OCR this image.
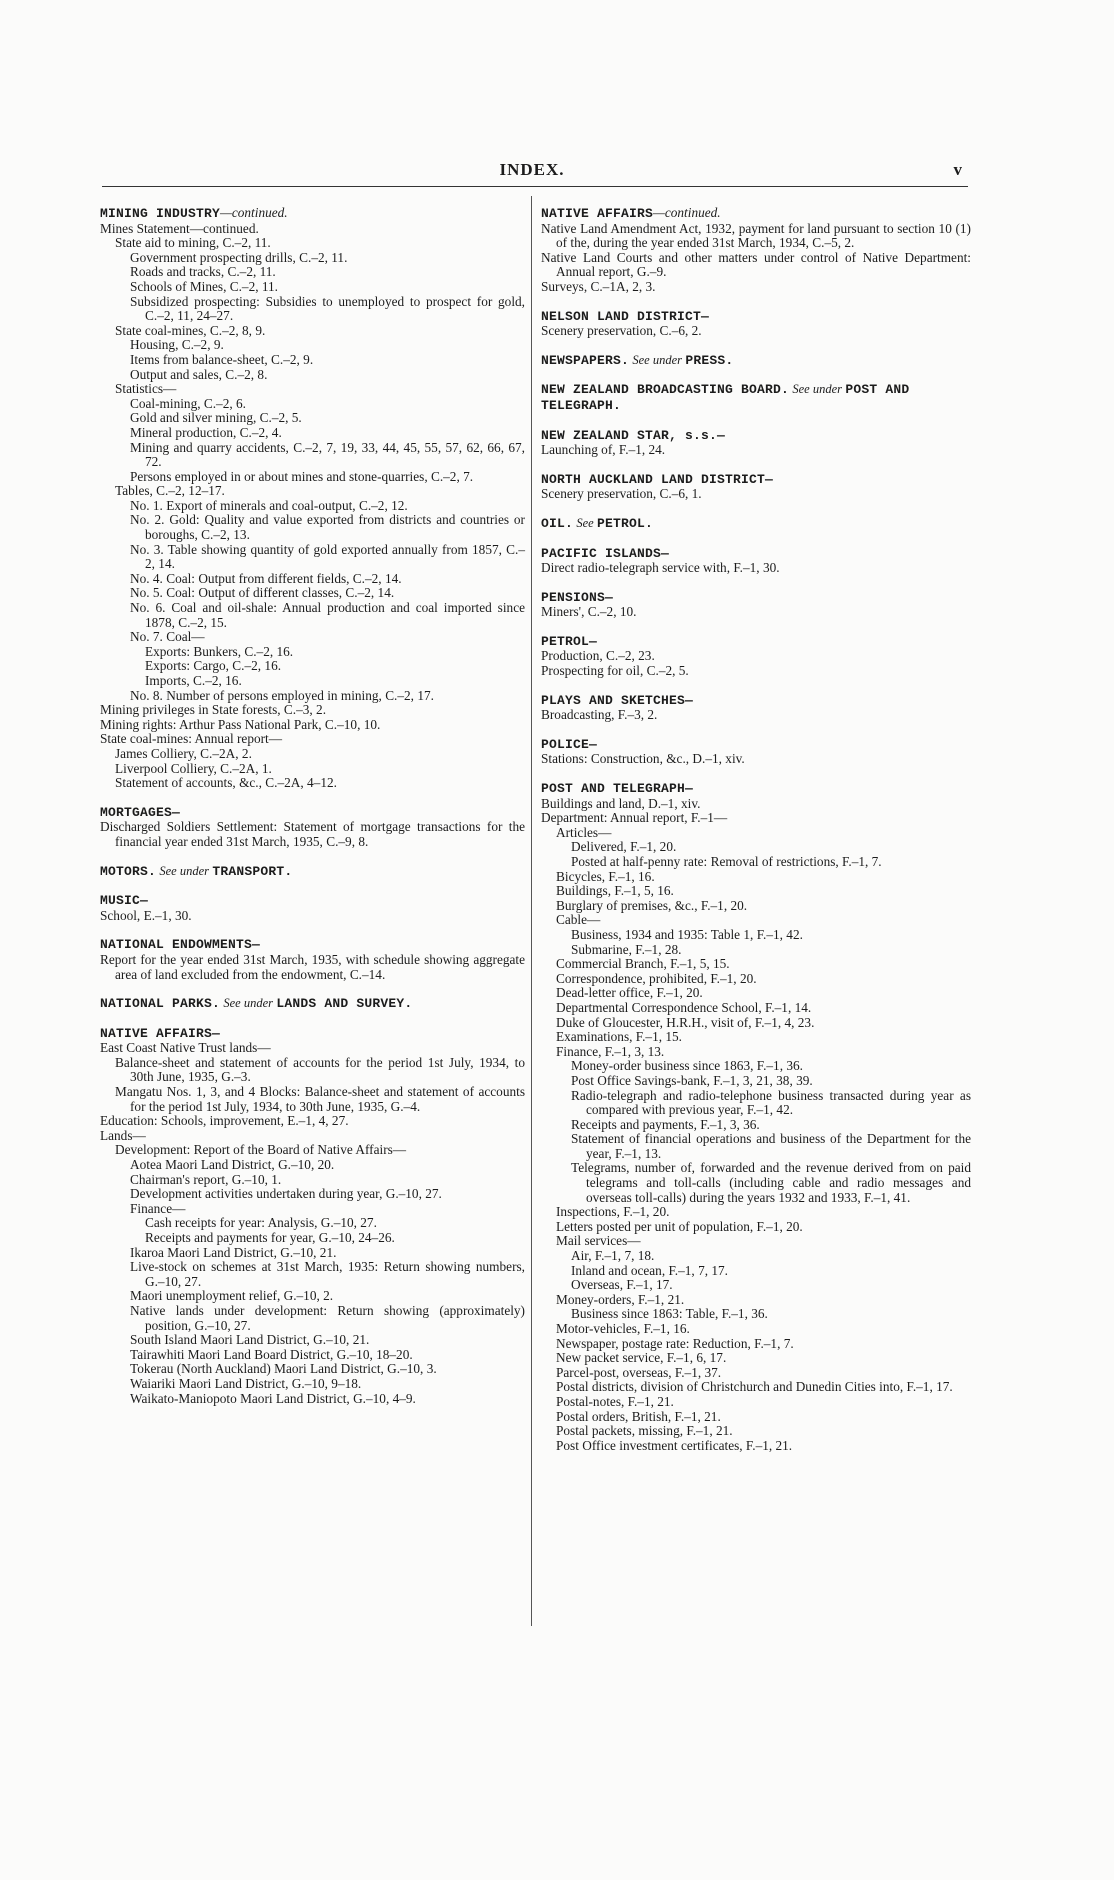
INDEX.	v
MINING INDUSTRY—continued.
Mines Statement—continued.
State aid to mining, C.–2, 11.
Government prospecting drills, C.–2, 11.
Roads and tracks, C.–2, 11.
Schools of Mines, C.–2, 11.
Subsidized prospecting: Subsidies to unemployed to prospect for gold, C.–2, 11, 24–27.
State coal-mines, C.–2, 8, 9.
Housing, C.–2, 9.
Items from balance-sheet, C.–2, 9.
Output and sales, C.–2, 8.
Statistics—
Coal-mining, C.–2, 6.
Gold and silver mining, C.–2, 5.
Mineral production, C.–2, 4.
Mining and quarry accidents, C.–2, 7, 19, 33, 44, 45, 55, 57, 62, 66, 67, 72.
Persons employed in or about mines and stone-quarries, C.–2, 7.
Tables, C.–2, 12–17.
No. 1. Export of minerals and coal-output, C.–2, 12.
No. 2. Gold: Quality and value exported from districts and countries or boroughs, C.–2, 13.
No. 3. Table showing quantity of gold exported annually from 1857, C.–2, 14.
No. 4. Coal: Output from different fields, C.–2, 14.
No. 5. Coal: Output of different classes, C.–2, 14.
No. 6. Coal and oil-shale: Annual production and coal imported since 1878, C.–2, 15.
No. 7. Coal—
Exports: Bunkers, C.–2, 16.
Exports: Cargo, C.–2, 16.
Imports, C.–2, 16.
No. 8. Number of persons employed in mining, C.–2, 17.
Mining privileges in State forests, C.–3, 2.
Mining rights: Arthur Pass National Park, C.–10, 10.
State coal-mines: Annual report—
James Colliery, C.–2A, 2.
Liverpool Colliery, C.–2A, 1.
Statement of accounts, &c., C.–2A, 4–12.
MORTGAGES—
Discharged Soldiers Settlement: Statement of mortgage transactions for the financial year ended 31st March, 1935, C.–9, 8.
MOTORS. See under TRANSPORT.
MUSIC—
School, E.–1, 30.
NATIONAL ENDOWMENTS—
Report for the year ended 31st March, 1935, with schedule showing aggregate area of land excluded from the endowment, C.–14.
NATIONAL PARKS. See under LANDS AND SURVEY.
NATIVE AFFAIRS—
East Coast Native Trust lands—
Balance-sheet and statement of accounts for the period 1st July, 1934, to 30th June, 1935, G.–3.
Mangatu Nos. 1, 3, and 4 Blocks: Balance-sheet and statement of accounts for the period 1st July, 1934, to 30th June, 1935, G.–4.
Education: Schools, improvement, E.–1, 4, 27.
Lands—
Development: Report of the Board of Native Affairs—
Aotea Maori Land District, G.–10, 20.
Chairman's report, G.–10, 1.
Development activities undertaken during year, G.–10, 27.
Finance—
Cash receipts for year: Analysis, G.–10, 27.
Receipts and payments for year, G.–10, 24–26.
Ikaroa Maori Land District, G.–10, 21.
Live-stock on schemes at 31st March, 1935: Return showing numbers, G.–10, 27.
Maori unemployment relief, G.–10, 2.
Native lands under development: Return showing (approximately) position, G.–10, 27.
South Island Maori Land District, G.–10, 21.
Tairawhiti Maori Land Board District, G.–10, 18–20.
Tokerau (North Auckland) Maori Land District, G.–10, 3.
Waiariki Maori Land District, G.–10, 9–18.
Waikato-Maniopoto Maori Land District, G.–10, 4–9.
NATIVE AFFAIRS—continued.
Native Land Amendment Act, 1932, payment for land pursuant to section 10 (1) of the, during the year ended 31st March, 1934, C.–5, 2.
Native Land Courts and other matters under control of Native Department: Annual report, G.–9.
Surveys, C.–1A, 2, 3.
NELSON LAND DISTRICT—
Scenery preservation, C.–6, 2.
NEWSPAPERS. See under PRESS.
NEW ZEALAND BROADCASTING BOARD. See under POST AND TELEGRAPH.
NEW ZEALAND STAR, s.s.—
Launching of, F.–1, 24.
NORTH AUCKLAND LAND DISTRICT—
Scenery preservation, C.–6, 1.
OIL. See PETROL.
PACIFIC ISLANDS—
Direct radio-telegraph service with, F.–1, 30.
PENSIONS—
Miners', C.–2, 10.
PETROL—
Production, C.–2, 23.
Prospecting for oil, C.–2, 5.
PLAYS AND SKETCHES—
Broadcasting, F.–3, 2.
POLICE—
Stations: Construction, &c., D.–1, xiv.
POST AND TELEGRAPH—
Buildings and land, D.–1, xiv.
Department: Annual report, F.–1—
Articles—
Delivered, F.–1, 20.
Posted at half-penny rate: Removal of restrictions, F.–1, 7.
Bicycles, F.–1, 16.
Buildings, F.–1, 5, 16.
Burglary of premises, &c., F.–1, 20.
Cable—
Business, 1934 and 1935: Table 1, F.–1, 42.
Submarine, F.–1, 28.
Commercial Branch, F.–1, 5, 15.
Correspondence, prohibited, F.–1, 20.
Dead-letter office, F.–1, 20.
Departmental Correspondence School, F.–1, 14.
Duke of Gloucester, H.R.H., visit of, F.–1, 4, 23.
Examinations, F.–1, 15.
Finance, F.–1, 3, 13.
Money-order business since 1863, F.–1, 36.
Post Office Savings-bank, F.–1, 3, 21, 38, 39.
Radio-telegraph and radio-telephone business transacted during year as compared with previous year, F.–1, 42.
Receipts and payments, F.–1, 3, 36.
Statement of financial operations and business of the Department for the year, F.–1, 13.
Telegrams, number of, forwarded and the revenue derived from on paid telegrams and toll-calls (including cable and radio messages and overseas toll-calls) during the years 1932 and 1933, F.–1, 41.
Inspections, F.–1, 20.
Letters posted per unit of population, F.–1, 20.
Mail services—
Air, F.–1, 7, 18.
Inland and ocean, F.–1, 7, 17.
Overseas, F.–1, 17.
Money-orders, F.–1, 21.
Business since 1863: Table, F.–1, 36.
Motor-vehicles, F.–1, 16.
Newspaper, postage rate: Reduction, F.–1, 7.
New packet service, F.–1, 6, 17.
Parcel-post, overseas, F.–1, 37.
Postal districts, division of Christchurch and Dunedin Cities into, F.–1, 17.
Postal-notes, F.–1, 21.
Postal orders, British, F.–1, 21.
Postal packets, missing, F.–1, 21.
Post Office investment certificates, F.–1, 21.
